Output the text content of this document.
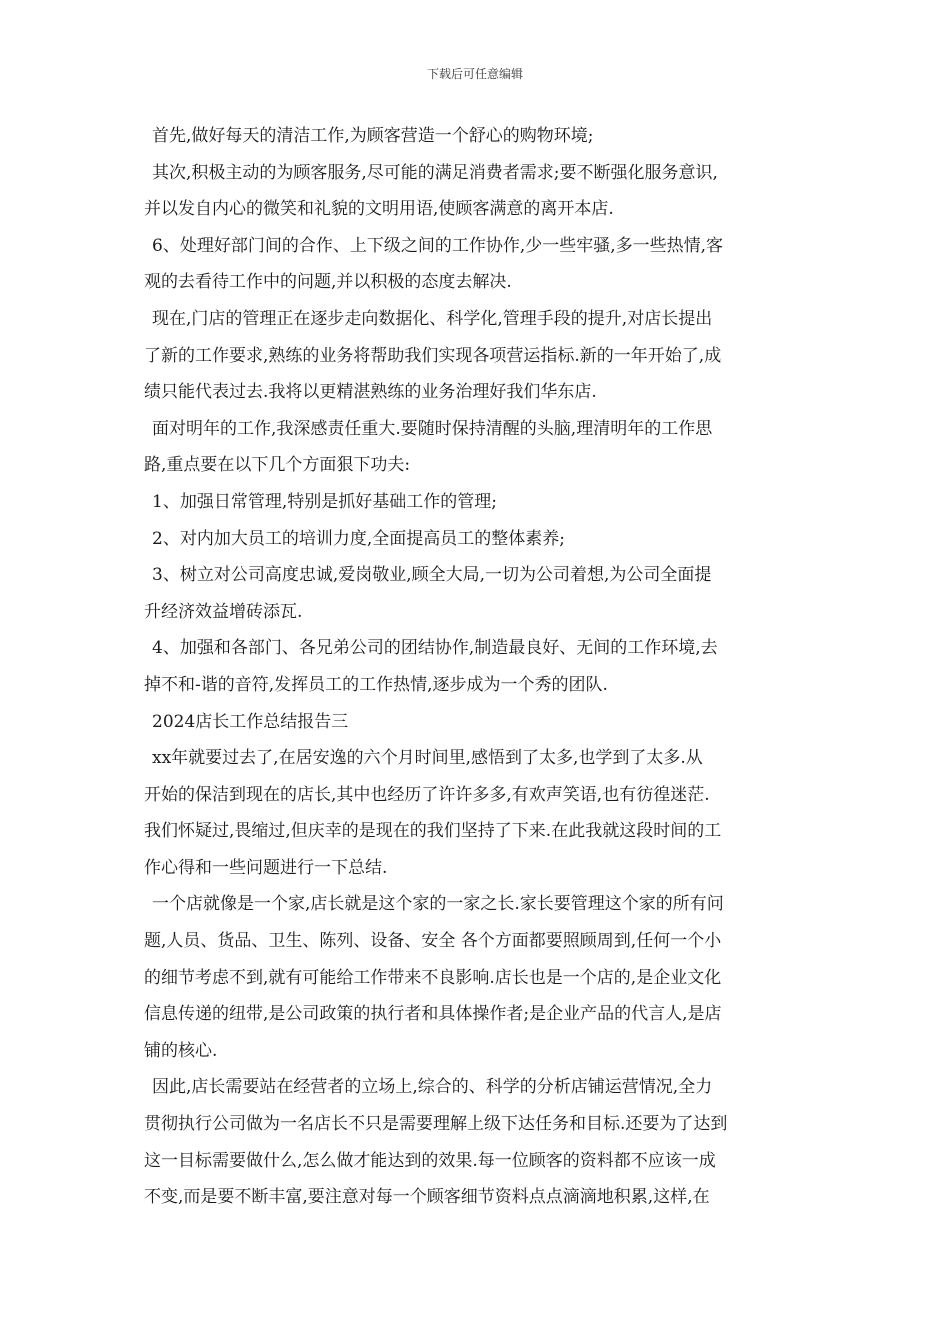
下载后可任意编辑

首先,做好每天的清洁工作,为顾客营造一个舒心的购物环境;

其次,积极主动的为顾客服务,尽可能的满足消费者需求;要不断强化服务意识,
并以发自内心的微笑和礼貌的文明用语,使顾客满意的离开本店.

6、处理好部门间的合作、上下级之间的工作协作,少一些牢骚,多一些热情,客
观的去看待工作中的问题,并以积极的态度去解决.

现在,门店的管理正在逐步走向数据化、科学化,管理手段的提升,对店长提出
了新的工作要求,熟练的业务将帮助我们实现各项营运指标.新的一年开始了,成
绩只能代表过去.我将以更精湛熟练的业务治理好我们华东店.

面对明年的工作,我深感责任重大.要随时保持清醒的头脑,理清明年的工作思
路,重点要在以下几个方面狠下功夫:

1、加强日常管理,特别是抓好基础工作的管理;

2、对内加大员工的培训力度,全面提高员工的整体素养;

3、树立对公司高度忠诚,爱岗敬业,顾全大局,一切为公司着想,为公司全面提
升经济效益增砖添瓦.

4、加强和各部门、各兄弟公司的团结协作,制造最良好、无间的工作环境,去
掉不和-谐的音符,发挥员工的工作热情,逐步成为一个秀的团队.

2024店长工作总结报告三

xx年就要过去了,在居安逸的六个月时间里,感悟到了太多,也学到了太多.从
开始的保洁到现在的店长,其中也经历了许许多多,有欢声笑语,也有彷徨迷茫.
我们怀疑过,畏缩过,但庆幸的是现在的我们坚持了下来.在此我就这段时间的工
作心得和一些问题进行一下总结.

一个店就像是一个家,店长就是这个家的一家之长.家长要管理这个家的所有问
题,人员、货品、卫生、陈列、设备、安全 各个方面都要照顾周到,任何一个小
的细节考虑不到,就有可能给工作带来不良影响.店长也是一个店的,是企业文化
信息传递的纽带,是公司政策的执行者和具体操作者;是企业产品的代言人,是店
铺的核心.

因此,店长需要站在经营者的立场上,综合的、科学的分析店铺运营情况,全力
贯彻执行公司做为一名店长不只是需要理解上级下达任务和目标.还要为了达到
这一目标需要做什么,怎么做才能达到的效果.每一位顾客的资料都不应该一成
不变,而是要不断丰富,要注意对每一个顾客细节资料点点滴滴地积累,这样,在
